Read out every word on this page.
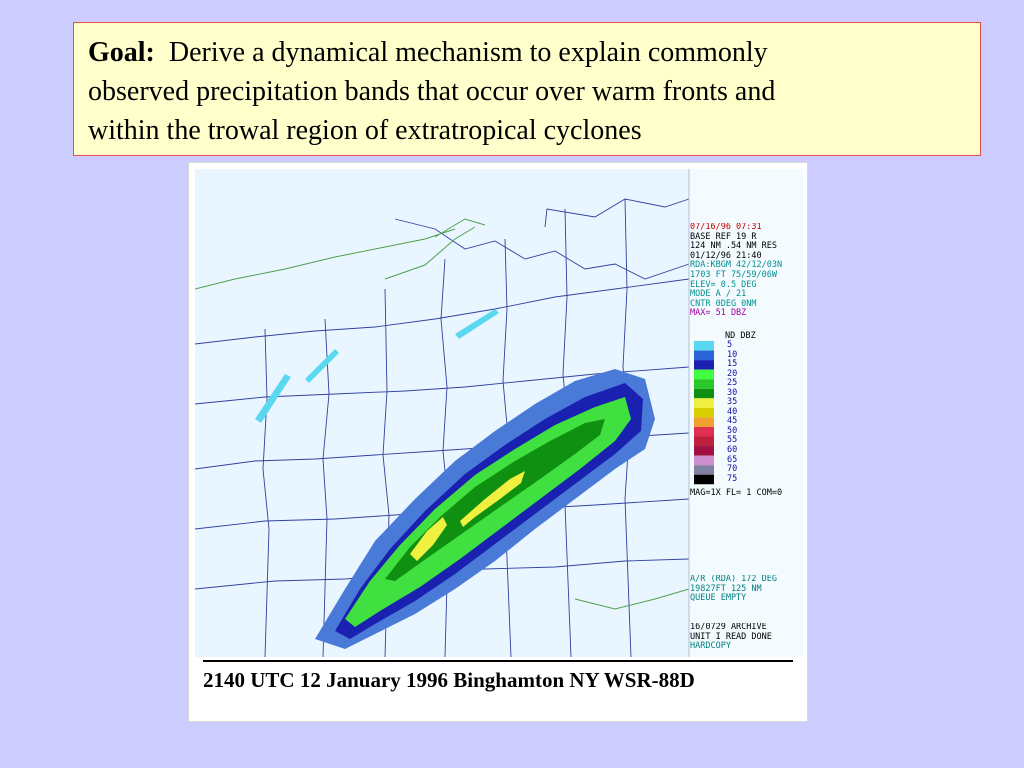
Goal: Derive a dynamical mechanism to explain commonly
observed precipitation bands that occur over warm fronts and
within the trowal region of extratropical cyclones
07/16/96 07:31
BASE REF 19 R
124 NM .54 NM RES
01/12/96 21:40
RDA:KBGM 42/12/03N
1703 FT 75/59/06W
ELEV= 0.5 DEG
MODE A / 21
CNTR 0DEG 0NM
MAX= 51 DBZ
ND DBZ
5
10
15
20
25
30
35
40
45
50
55
60
65
70
75
MAG=1X FL= 1 COM=0
A/R (RDA) 172 DEG
19827FT 125 NM
QUEUE EMPTY
16/0729 ARCHIVE
UNIT I READ DONE
HARDCOPY
2140 UTC 12 January 1996 Binghamton NY WSR-88D
